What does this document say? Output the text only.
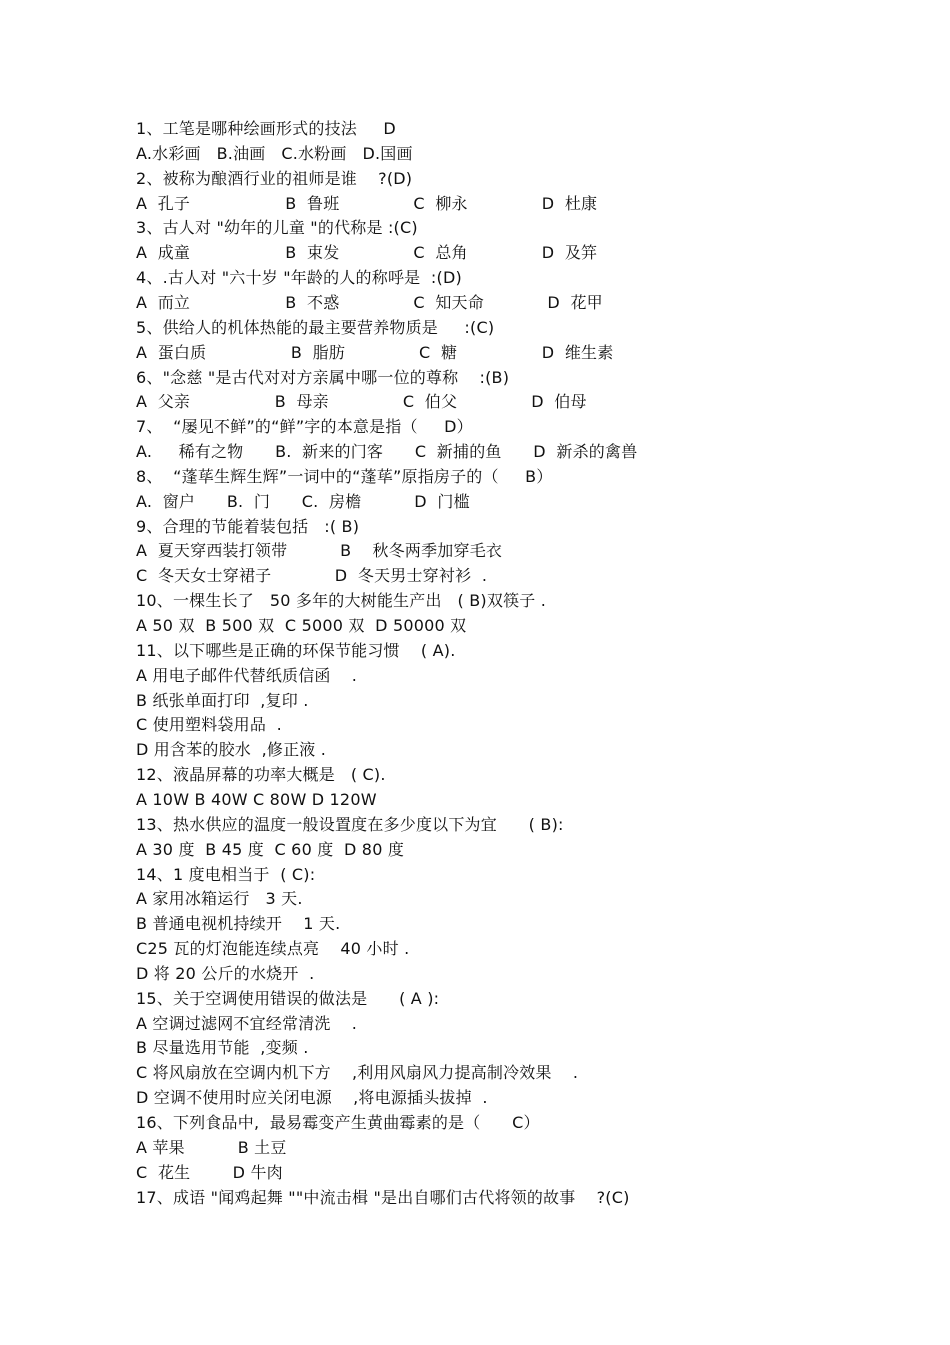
1、工笔是哪种绘画形式的技法     D
A.水彩画   B.油画   C.水粉画   D.国画
2、被称为酿酒行业的祖师是谁    ?(D)
A  孔子                  B  鲁班              C  柳永              D  杜康
3、古人对 "幼年的儿童 "的代称是 :(C)
A  成童                  B  束发              C  总角              D  及笄
4、.古人对 "六十岁 "年龄的人的称呼是  :(D)
A  而立                  B  不惑              C  知天命            D  花甲
5、供给人的机体热能的最主要营养物质是     :(C)
A  蛋白质                B  脂肪              C  糖                D  维生素
6、"念慈 "是古代对对方亲属中哪一位的尊称    :(B)
A  父亲                B  母亲              C  伯父              D  伯母
7、  “屡见不鲜”的“鲜”字的本意是指（     D）
A.     稀有之物      B.  新来的门客      C  新捕的鱼      D  新杀的禽兽
8、  “蓬荜生辉生辉”一词中的“蓬荜”原指房子的（     B）
A.  窗户      B.  门      C.  房檐          D  门槛
9、合理的节能着装包括   :( B)
A  夏天穿西装打领带          B    秋冬两季加穿毛衣
C  冬天女士穿裙子            D  冬天男士穿衬衫  .
10、一棵生长了   50 多年的大树能生产出   ( B)双筷子 .
A 50 双  B 500 双  C 5000 双  D 50000 双
11、以下哪些是正确的环保节能习惯    ( A).
A 用电子邮件代替纸质信函    .
B 纸张单面打印  ,复印 .
C 使用塑料袋用品  .
D 用含苯的胶水  ,修正液 .
12、液晶屏幕的功率大概是   ( C).
A 10W B 40W C 80W D 120W
13、热水供应的温度一般设置度在多少度以下为宜      ( B):
A 30 度  B 45 度  C 60 度  D 80 度
14、1 度电相当于  ( C):
A 家用冰箱运行   3 天.
B 普通电视机持续开    1 天.
C25 瓦的灯泡能连续点亮    40 小时 .
D 将 20 公斤的水烧开  .
15、关于空调使用错误的做法是      ( A ):
A 空调过滤网不宜经常清洗    .
B 尽量选用节能  ,变频 .
C 将风扇放在空调内机下方    ,利用风扇风力提高制冷效果    .
D 空调不使用时应关闭电源    ,将电源插头拔掉  .
16、下列食品中,  最易霉变产生黄曲霉素的是（      C）
A 苹果          B 土豆
C  花生        D 牛肉
17、成语 "闻鸡起舞 ""中流击楫 "是出自哪们古代将领的故事    ?(C)
